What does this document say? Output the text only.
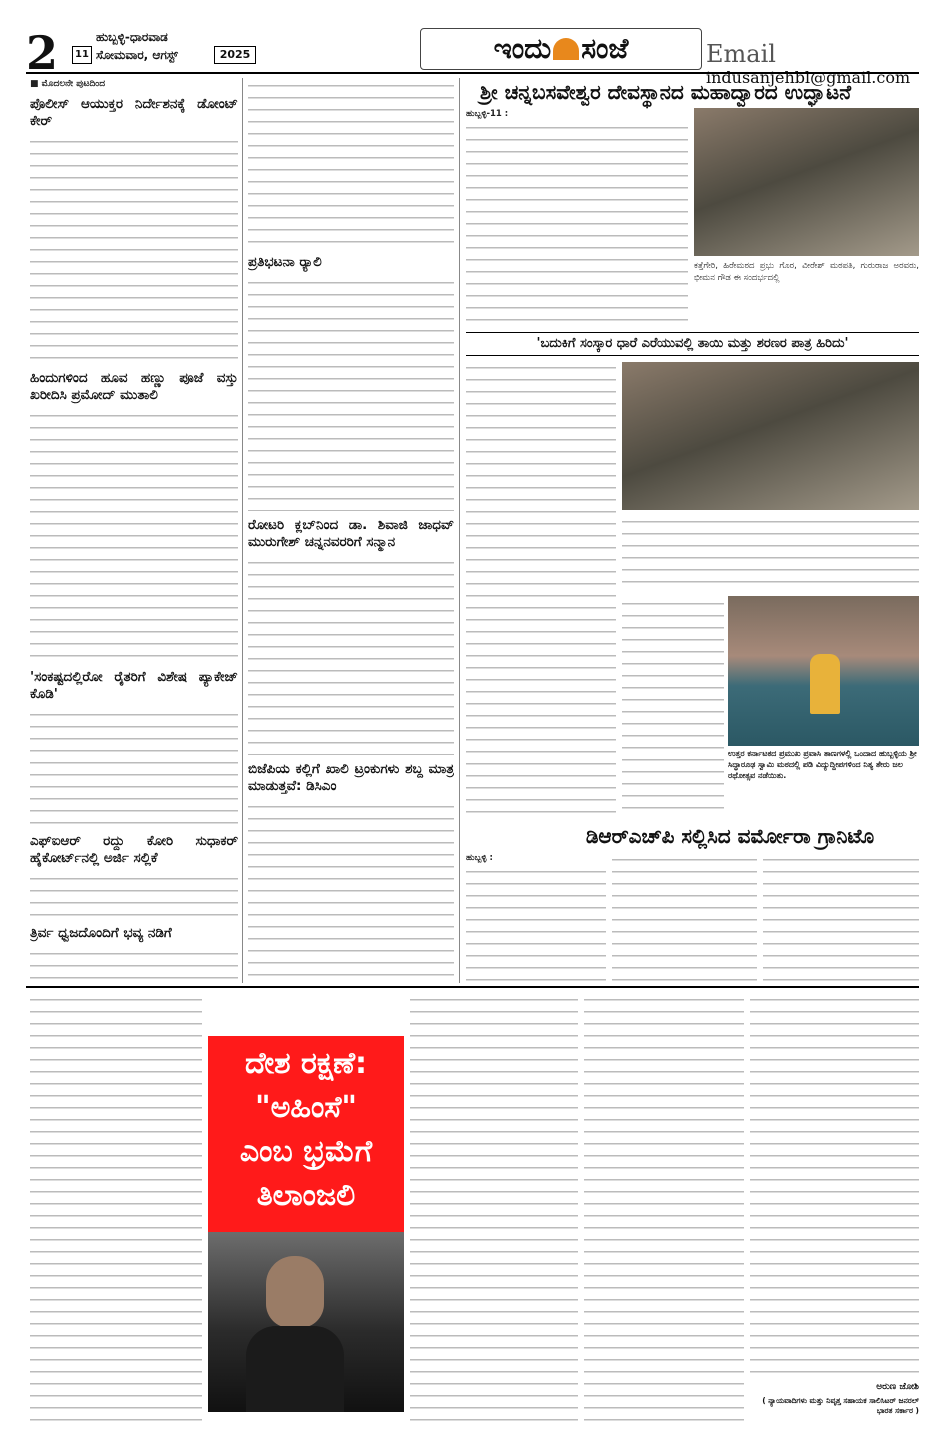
2	11
ಹುಬ್ಬಳ್ಳಿ-ಧಾರವಾಡ
ಸೋಮವಾರ, ಆಗಸ್ಟ್	2025	ಇಂದು ಸಂಜೆ	Email indusanjehbl@gmail.com
■ ಮೊದಲನೇ ಪುಟದಿಂದ
ಪೊಲೀಸ್ ಆಯುಕ್ತರ ನಿರ್ದೇಶನಕ್ಕೆ ಡೋಂಟ್ ಕೇರ್
ಹಿಂದುಗಳಿಂದ ಹೂವ ಹಣ್ಣು ಪೂಜೆ ವಸ್ತು ಖರೀದಿಸಿ ಪ್ರಮೋದ್ ಮುತಾಲಿ
'ಸಂಕಷ್ಟದಲ್ಲಿರೋ ರೈತರಿಗೆ ವಿಶೇಷ ಪ್ಯಾಕೇಜ್ ಕೊಡಿ'
ಎಫ್‌ಐಆರ್ ರದ್ದು ಕೋರಿ ಸುಧಾಕರ್ ಹೈಕೋರ್ಟ್‌ನಲ್ಲಿ ಅರ್ಜಿ ಸಲ್ಲಿಕೆ
ತ್ರಿರ್ವ ಧ್ವಜದೊಂದಿಗೆ ಭವ್ಯ ನಡಿಗೆ
ಪ್ರತಿಭಟನಾ ರ್‍ಯಾಲಿ
ರೋಟರಿ ಕ್ಲಬ್‌ನಿಂದ ಡಾ. ಶಿವಾಜಿ ಜಾಧವ್ ಮುರುಗೇಶ್ ಚನ್ನನವರರಿಗೆ ಸನ್ಮಾನ
ಬಿಜೆಪಿಯ ಕಲ್ಲಿಗೆ ಖಾಲಿ ಟ್ರಂಕುಗಳು ಶಬ್ದ ಮಾತ್ರ ಮಾಡುತ್ತವೆ: ಡಿಸಿಎಂ
ಶ್ರೀ ಚನ್ನಬಸವೇಶ್ವರ ದೇವಸ್ಥಾನದ ಮಹಾದ್ವಾರದ ಉದ್ಘಾಟನೆ
ಹುಬ್ಬಳ್ಳಿ-11 :
ಕತ್ತೆಗೇರಿ, ಹಿರೇಮಠದ ಪ್ರಭು ಗೊರ, ವೀರೇಶ್ ಮಠಪತಿ, ಗುರುರಾಜ ಅರವರು, ಭೀಮನ ಗೌಡ ಈ ಸಂದರ್ಭದಲ್ಲಿ
'ಬದುಕಿಗೆ ಸಂಸ್ಕಾರ ಧಾರೆ ಎರೆಯುವಲ್ಲಿ ತಾಯಿ ಮತ್ತು ಶರಣರ ಪಾತ್ರ ಹಿರಿದು'
ಉತ್ತರ ಕರ್ನಾಟಕದ ಪ್ರಮುಖ ಪ್ರವಾಸಿ ತಾಣಗಳಲ್ಲಿ ಒಂದಾದ ಹುಬ್ಬಳ್ಳಿಯ ಶ್ರೀ ಸಿದ್ಧಾರೂಢ ಸ್ವಾಮಿ ಮಠದಲ್ಲಿ ಪಡಿ ವಿದ್ಯುದ್ದೀಪಗಳಿಂದ ನಿತ್ಯ ತೇರು ಜಲ ರಥೋತ್ಸವ ನಡೆಯಿತು.
ಡಿಆರ್‌ಎಚ್‌ಪಿ ಸಲ್ಲಿಸಿದ ವರ್ಮೋರಾ ಗ್ರಾನಿಟೊ
ಹುಬ್ಬಳ್ಳಿ :
ದೇಶ ರಕ್ಷಣೆ:
"ಅಹಿಂಸೆ"
ಎಂಬ ಭ್ರಮೆಗೆ
ತಿಲಾಂಜಲಿ
ಅರುಣ ಜೋಶಿ
( ನ್ಯಾಯವಾದಿಗಳು ಮತ್ತು ನಿವೃತ್ತ ಸಹಾಯಕ ಸಾಲಿಸಿಟರ್ ಜನರಲ್ ಭಾರತ ಸರ್ಕಾರ )
